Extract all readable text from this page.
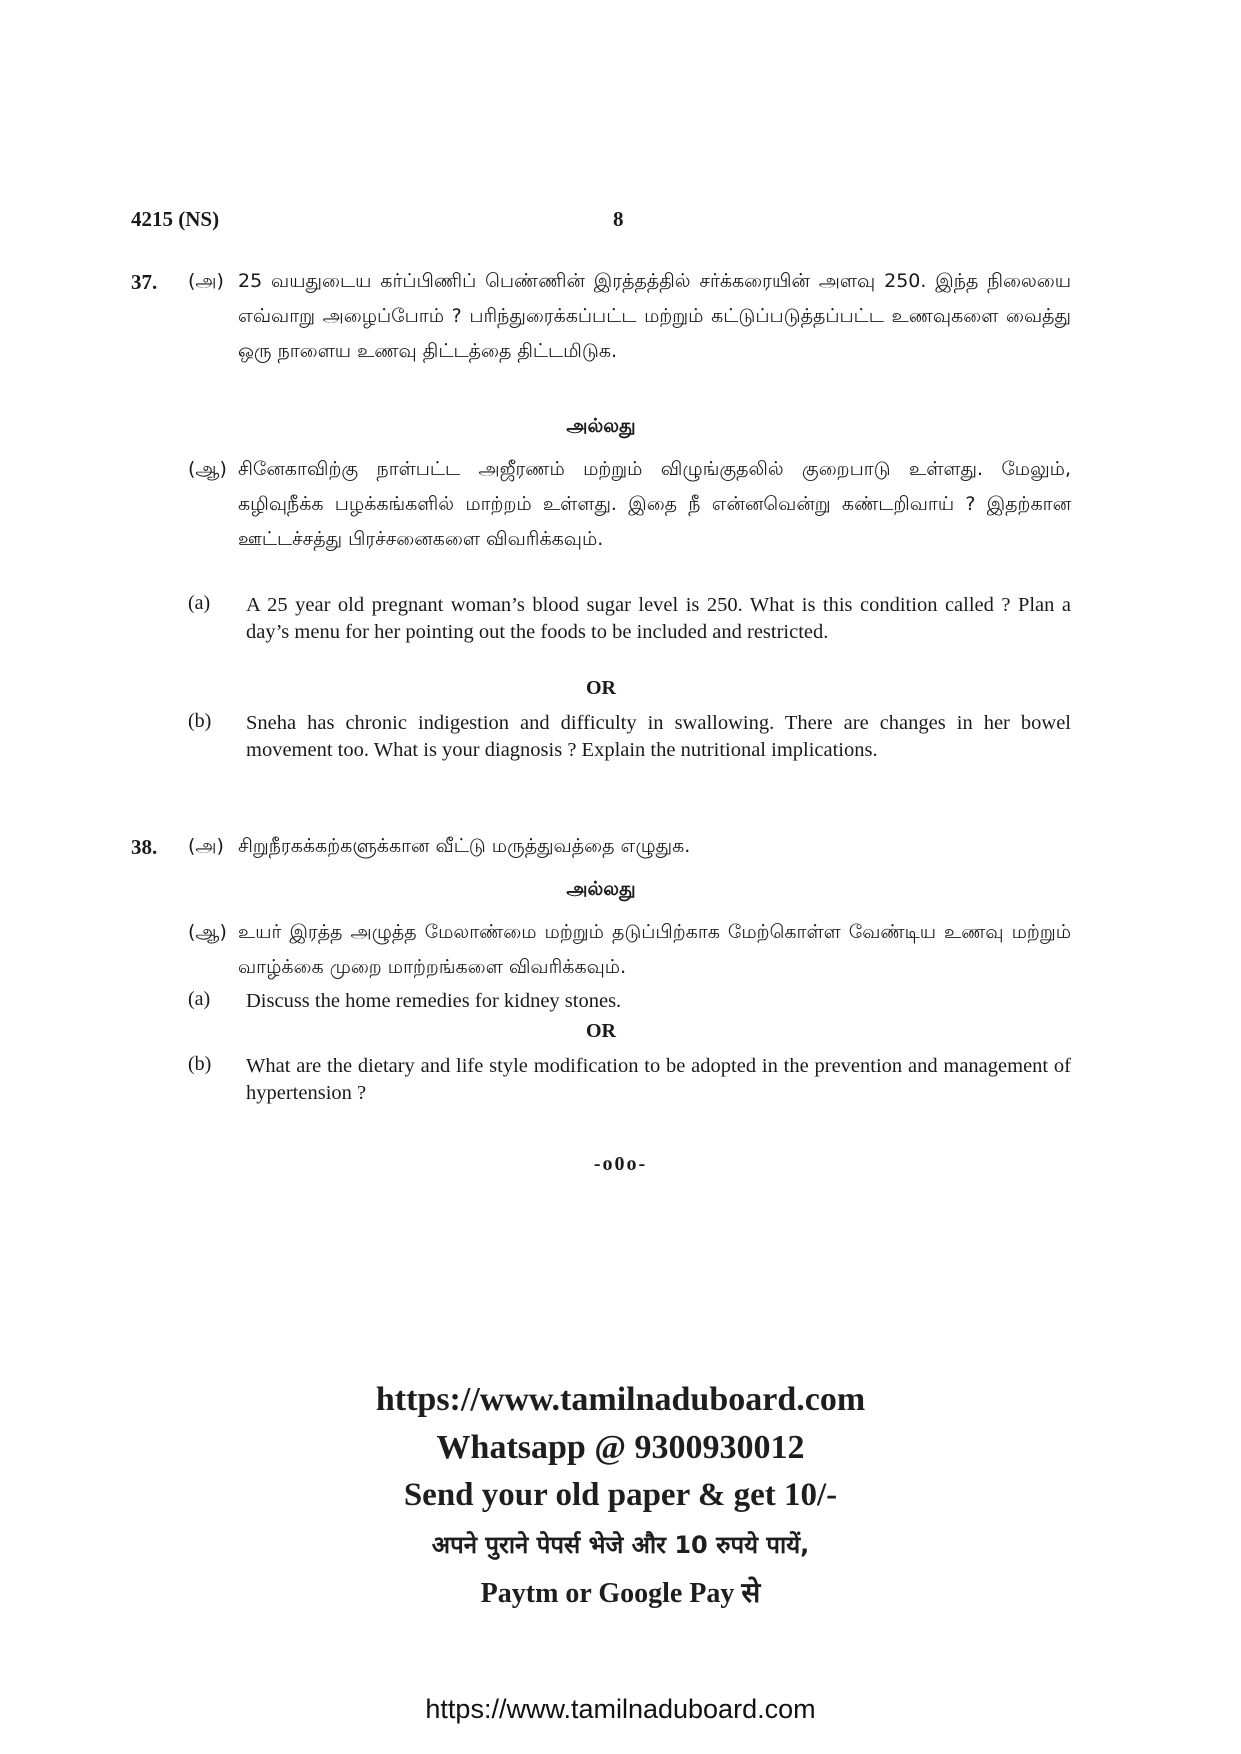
4215 (NS)	8
37. (அ) 25 வயதுடைய கர்ப்பிணிப் பெண்ணின் இரத்தத்தில் சர்க்கரையின் அளவு 250. இந்த நிலையை எவ்வாறு அழைப்போம் ? பரிந்துரைக்கப்பட்ட மற்றும் கட்டுப்படுத்தப்பட்ட உணவுகளை வைத்து ஒரு நாளைய உணவு திட்டத்தை திட்டமிடுக.
அல்லது
(ஆ) சினேகாவிற்கு நாள்பட்ட அஜீரணம் மற்றும் விழுங்குதலில் குறைபாடு உள்ளது. மேலும், கழிவுநீக்க பழக்கங்களில் மாற்றம் உள்ளது. இதை நீ என்னவென்று கண்டறிவாய் ? இதற்கான ஊட்டச்சத்து பிரச்சனைகளை விவரிக்கவும்.
(a) A 25 year old pregnant woman’s blood sugar level is 250. What is this condition called ? Plan a day’s menu for her pointing out the foods to be included and restricted.
OR
(b) Sneha has chronic indigestion and difficulty in swallowing. There are changes in her bowel movement too. What is your diagnosis ? Explain the nutritional implications.
38. (அ) சிறுநீரகக்கற்களுக்கான வீட்டு மருத்துவத்தை எழுதுக.
அல்லது
(ஆ) உயர் இரத்த அழுத்த மேலாண்மை மற்றும் தடுப்பிற்காக மேற்கொள்ள வேண்டிய உணவு மற்றும் வாழ்க்கை முறை மாற்றங்களை விவரிக்கவும்.
(a) Discuss the home remedies for kidney stones.
OR
(b) What are the dietary and life style modification to be adopted in the prevention and management of hypertension ?
-o0o-
https://www.tamilnaduboard.com
Whatsapp @ 9300930012
Send your old paper & get 10/-
अपने पुराने पेपर्स भेजे और 10 रुपये पायें,
Paytm or Google Pay से
https://www.tamilnaduboard.com
